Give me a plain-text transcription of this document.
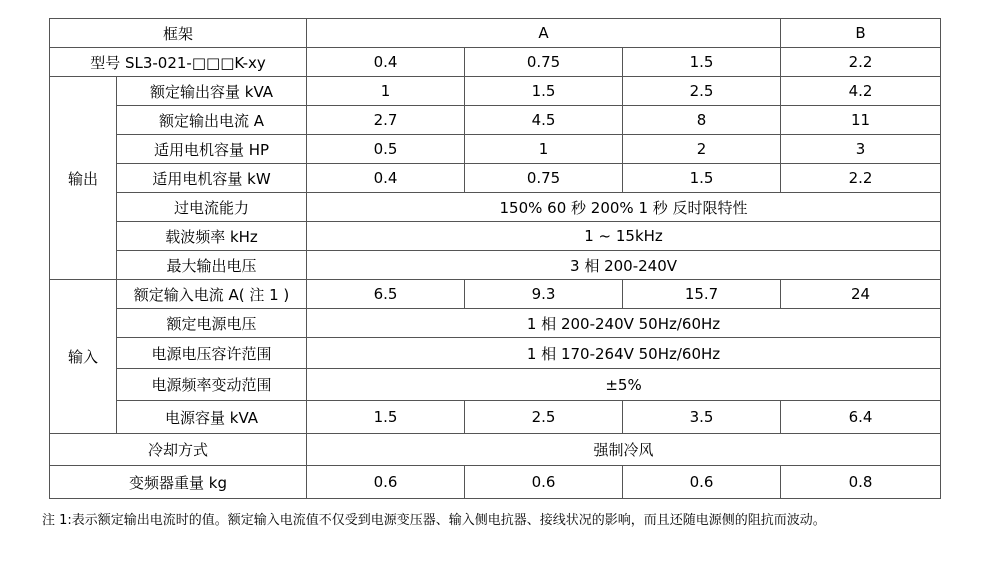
框架		A			B
型号 SL3-021-□□□K-xy		0.4	0.75	1.5	2.2
输出	额定输出容量 kVA	1	1.5	2.5	4.2
	额定输出电流 A	2.7	4.5	8	11
	适用电机容量 HP	0.5	1	2	3
	适用电机容量 kW	0.4	0.75	1.5	2.2
	过电流能力	150% 60 秒 200% 1 秒 反时限特性			
	载波频率 kHz	1 ~ 15kHz			
	最大输出电压	3 相 200-240V			
输入	额定输入电流 A( 注 1 )	6.5	9.3	15.7	24
	额定电源电压	1 相 200-240V 50Hz/60Hz			
	电源电压容许范围	1 相 170-264V 50Hz/60Hz			
	电源频率变动范围	±5%			
	电源容量 kVA	1.5	2.5	3.5	6.4
冷却方式		强制冷风			
变频器重量 kg		0.6	0.6	0.6	0.8
注 1:表示额定输出电流时的值。额定输入电流值不仅受到电源变压器、输入侧电抗器、接线状况的影响，而且还随电源侧的阻抗而波动。
